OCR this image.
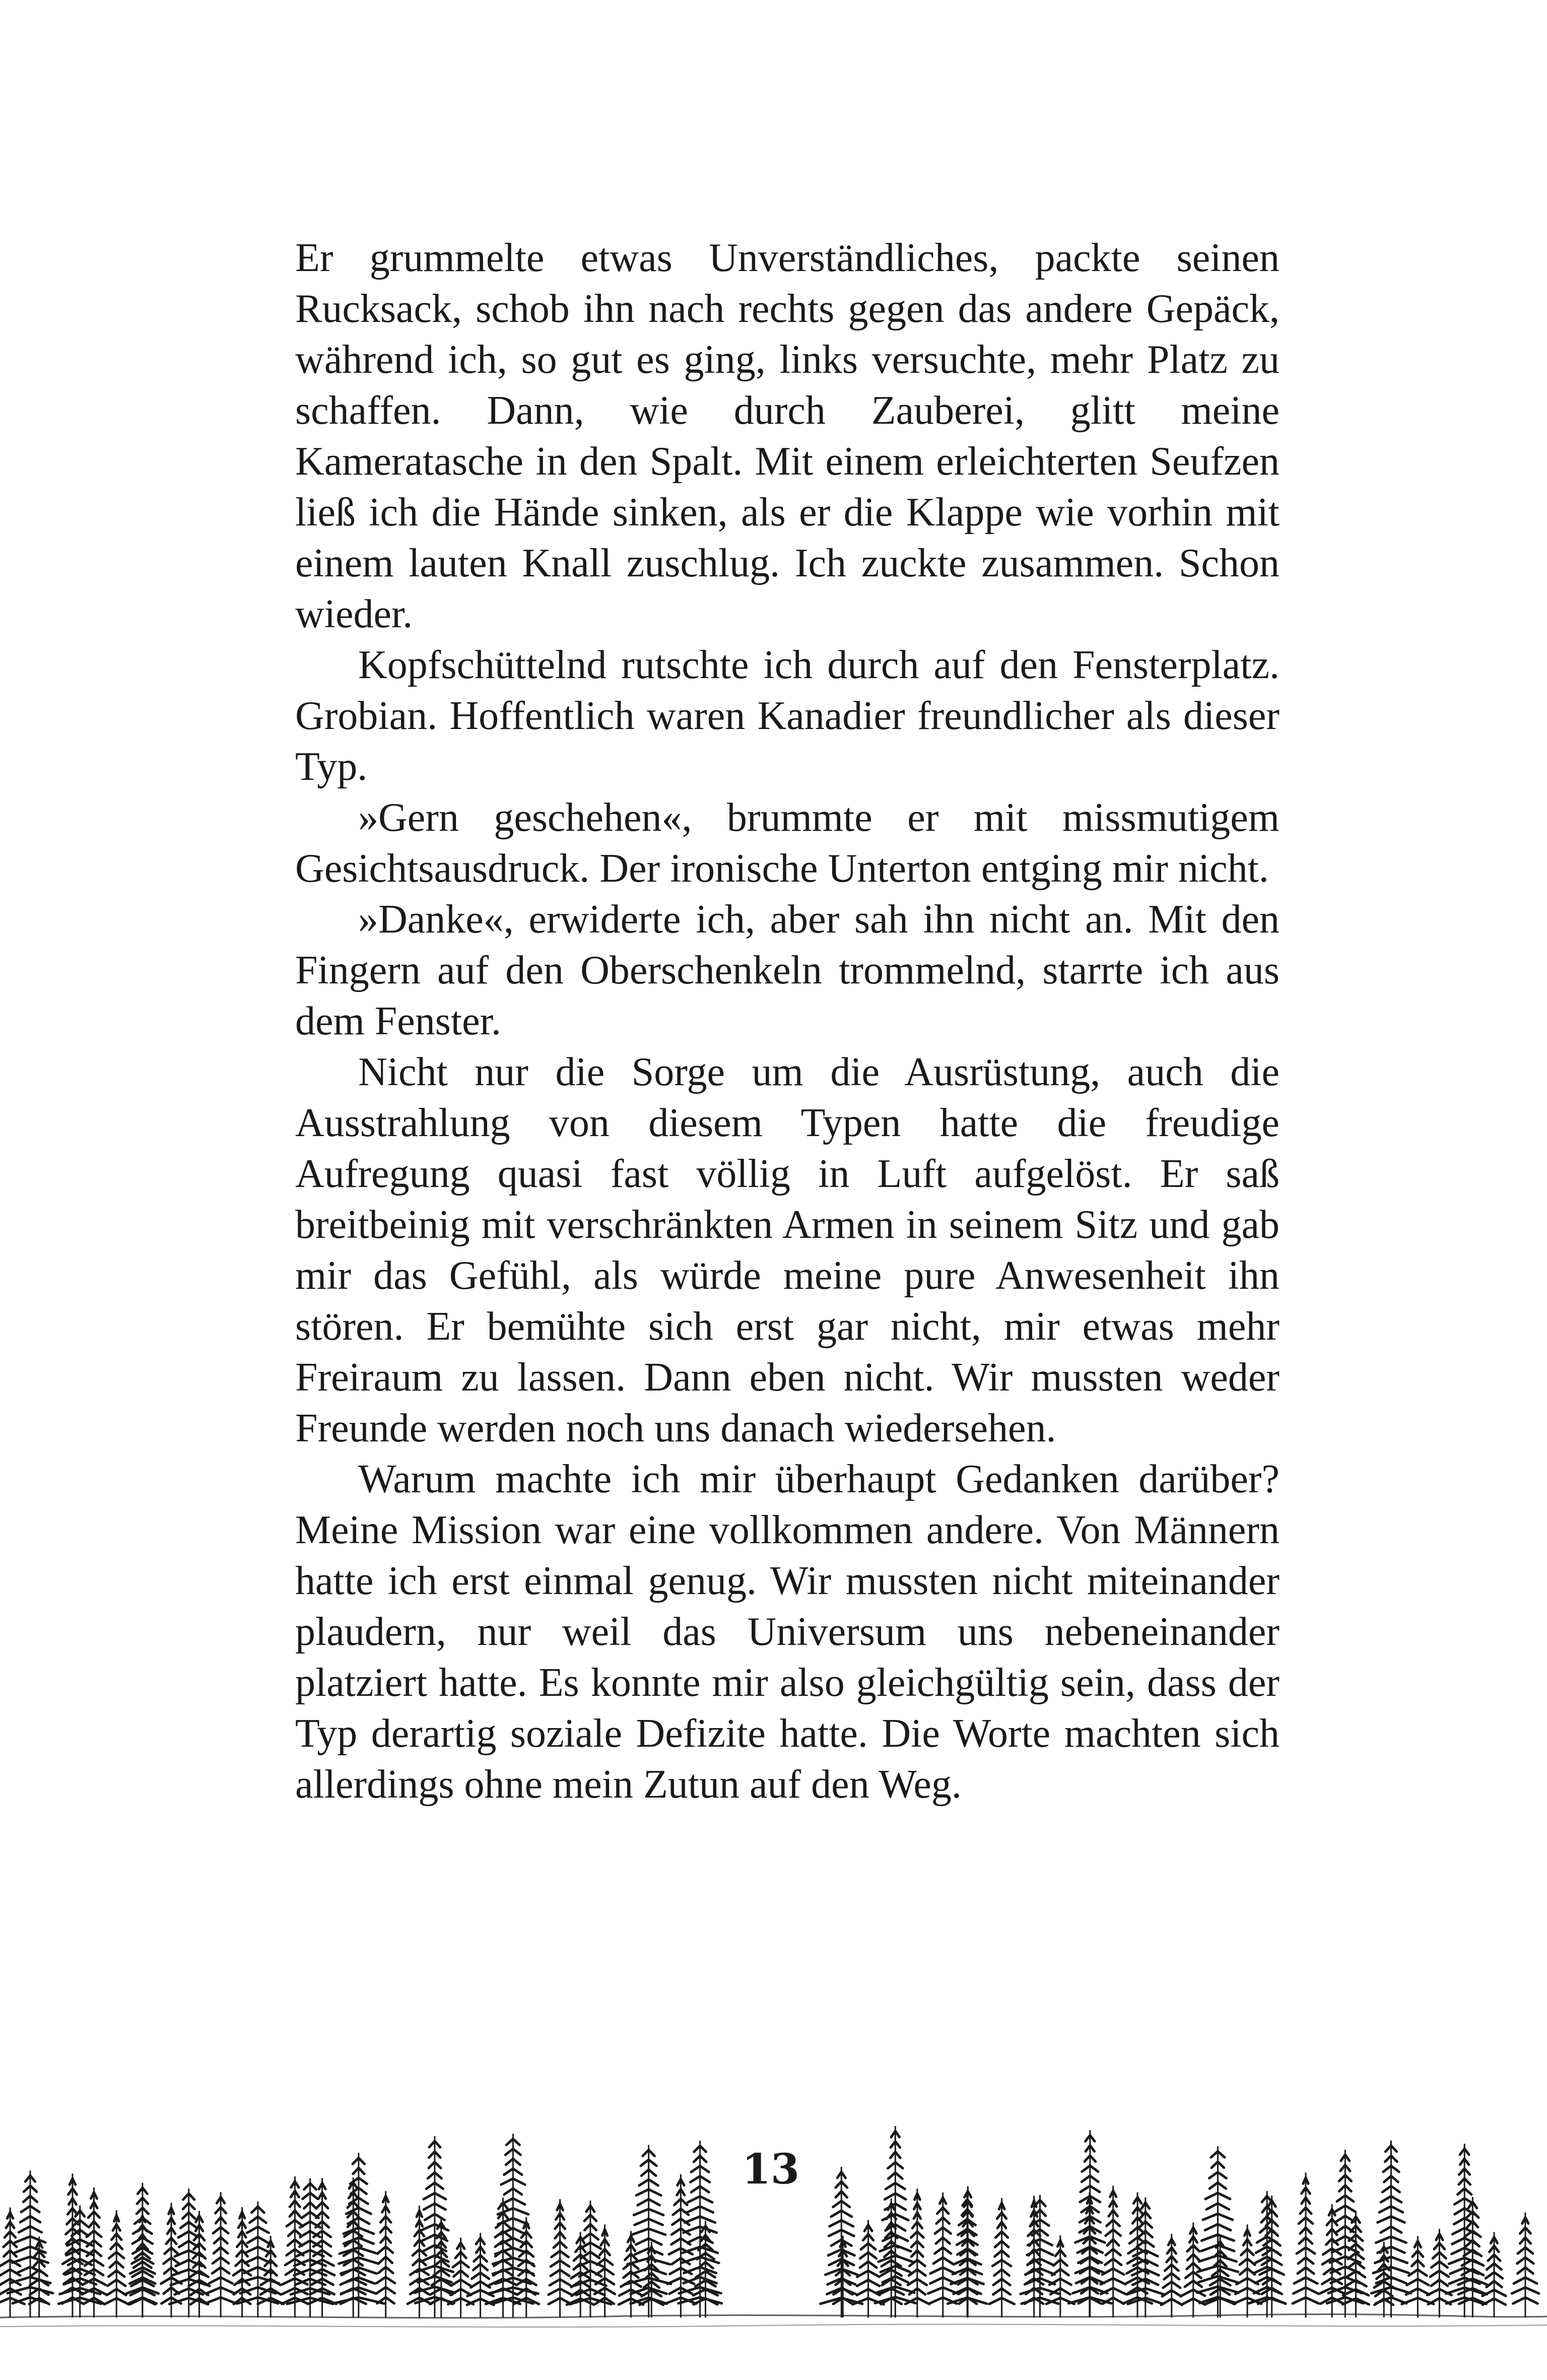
Er grummelte etwas Unverständliches, packte seinen Rucksack, schob ihn nach rechts gegen das andere Gepäck, während ich, so gut es ging, links versuchte, mehr Platz zu schaffen. Dann, wie durch Zauberei, glitt meine Kameratasche in den Spalt. Mit einem erleichterten Seufzen ließ ich die Hände sinken, als er die Klappe wie vorhin mit einem lauten Knall zuschlug. Ich zuckte zusammen. Schon wieder.

Kopfschüttelnd rutschte ich durch auf den Fensterplatz. Grobian. Hoffentlich waren Kanadier freundlicher als dieser Typ.

»Gern geschehen«, brummte er mit missmutigem Gesichtsausdruck. Der ironische Unterton entging mir nicht.

»Danke«, erwiderte ich, aber sah ihn nicht an. Mit den Fingern auf den Oberschenkeln trommelnd, starrte ich aus dem Fenster.

Nicht nur die Sorge um die Ausrüstung, auch die Ausstrahlung von diesem Typen hatte die freudige Aufregung quasi fast völlig in Luft aufgelöst. Er saß breitbeinig mit verschränkten Armen in seinem Sitz und gab mir das Gefühl, als würde meine pure Anwesenheit ihn stören. Er bemühte sich erst gar nicht, mir etwas mehr Freiraum zu lassen. Dann eben nicht. Wir mussten weder Freunde werden noch uns danach wiedersehen.

Warum machte ich mir überhaupt Gedanken darüber? Meine Mission war eine vollkommen andere. Von Männern hatte ich erst einmal genug. Wir mussten nicht miteinander plaudern, nur weil das Universum uns nebeneinander platziert hatte. Es konnte mir also gleichgültig sein, dass der Typ derartig soziale Defizite hatte. Die Worte machten sich allerdings ohne mein Zutun auf den Weg.

13
